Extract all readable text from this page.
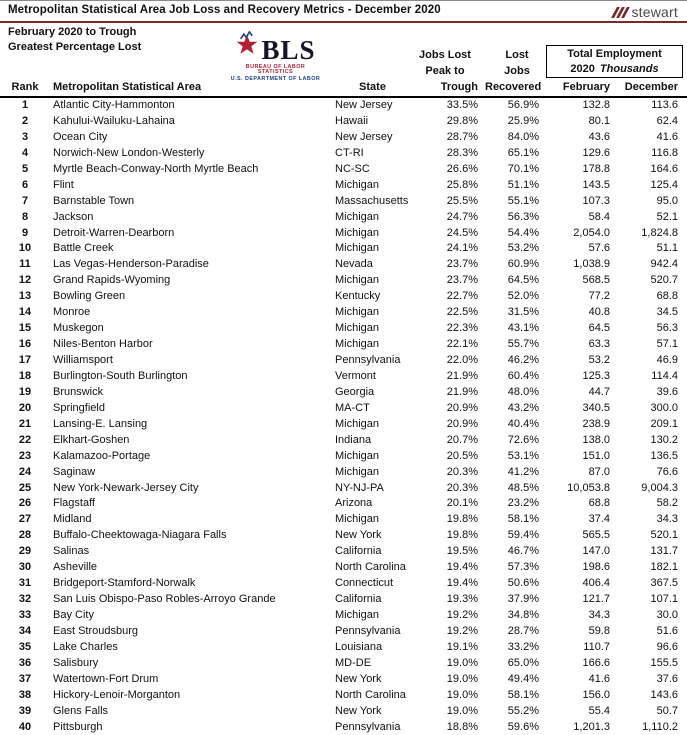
Metropolitan Statistical Area Job Loss and Recovery Metrics - December 2020	stewart
February 2020 to Trough
Greatest Percentage Lost	BLS
BUREAU OF LABOR STATISTICS
U.S. DEPARTMENT OF LABOR
Jobs Lost
Peak to
Lost
Jobs
Total Employment
2020 Thousands
Rank	Metropolitan Statistical Area	State	Trough Recovered	February	December
1	Atlantic City-Hammonton	New Jersey	33.5%	56.9%	132.8	113.6
2	Kahului-Wailuku-Lahaina	Hawaii	29.8%	25.9%	80.1	62.4
3	Ocean City	New Jersey	28.7%	84.0%	43.6	41.6
4	Norwich-New London-Westerly	CT-RI	28.3%	65.1%	129.6	116.8
5	Myrtle Beach-Conway-North Myrtle Beach	NC-SC	26.6%	70.1%	178.8	164.6
6	Flint	Michigan	25.8%	51.1%	143.5	125.4
7	Barnstable Town	Massachusetts	25.5%	55.1%	107.3	95.0
8	Jackson	Michigan	24.7%	56.3%	58.4	52.1
9	Detroit-Warren-Dearborn	Michigan	24.5%	54.4%	2,054.0	1,824.8
10	Battle Creek	Michigan	24.1%	53.2%	57.6	51.1
11	Las Vegas-Henderson-Paradise	Nevada	23.7%	60.9%	1,038.9	942.4
12	Grand Rapids-Wyoming	Michigan	23.7%	64.5%	568.5	520.7
13	Bowling Green	Kentucky	22.7%	52.0%	77.2	68.8
14	Monroe	Michigan	22.5%	31.5%	40.8	34.5
15	Muskegon	Michigan	22.3%	43.1%	64.5	56.3
16	Niles-Benton Harbor	Michigan	22.1%	55.7%	63.3	57.1
17	Williamsport	Pennsylvania	22.0%	46.2%	53.2	46.9
18	Burlington-South Burlington	Vermont	21.9%	60.4%	125.3	114.4
19	Brunswick	Georgia	21.9%	48.0%	44.7	39.6
20	Springfield	MA-CT	20.9%	43.2%	340.5	300.0
21	Lansing-E. Lansing	Michigan	20.9%	40.4%	238.9	209.1
22	Elkhart-Goshen	Indiana	20.7%	72.6%	138.0	130.2
23	Kalamazoo-Portage	Michigan	20.5%	53.1%	151.0	136.5
24	Saginaw	Michigan	20.3%	41.2%	87.0	76.6
25	New York-Newark-Jersey City	NY-NJ-PA	20.3%	48.5%	10,053.8	9,004.3
26	Flagstaff	Arizona	20.1%	23.2%	68.8	58.2
27	Midland	Michigan	19.8%	58.1%	37.4	34.3
28	Buffalo-Cheektowaga-Niagara Falls	New York	19.8%	59.4%	565.5	520.1
29	Salinas	California	19.5%	46.7%	147.0	131.7
30	Asheville	North Carolina	19.4%	57.3%	198.6	182.1
31	Bridgeport-Stamford-Norwalk	Connecticut	19.4%	50.6%	406.4	367.5
32	San Luis Obispo-Paso Robles-Arroyo Grande	California	19.3%	37.9%	121.7	107.1
33	Bay City	Michigan	19.2%	34.8%	34.3	30.0
34	East Stroudsburg	Pennsylvania	19.2%	28.7%	59.8	51.6
35	Lake Charles	Louisiana	19.1%	33.2%	110.7	96.6
36	Salisbury	MD-DE	19.0%	65.0%	166.6	155.5
37	Watertown-Fort Drum	New York	19.0%	49.4%	41.6	37.6
38	Hickory-Lenoir-Morganton	North Carolina	19.0%	58.1%	156.0	143.6
39	Glens Falls	New York	19.0%	55.2%	55.4	50.7
40	Pittsburgh	Pennsylvania	18.8%	59.6%	1,201.3	1,110.2
